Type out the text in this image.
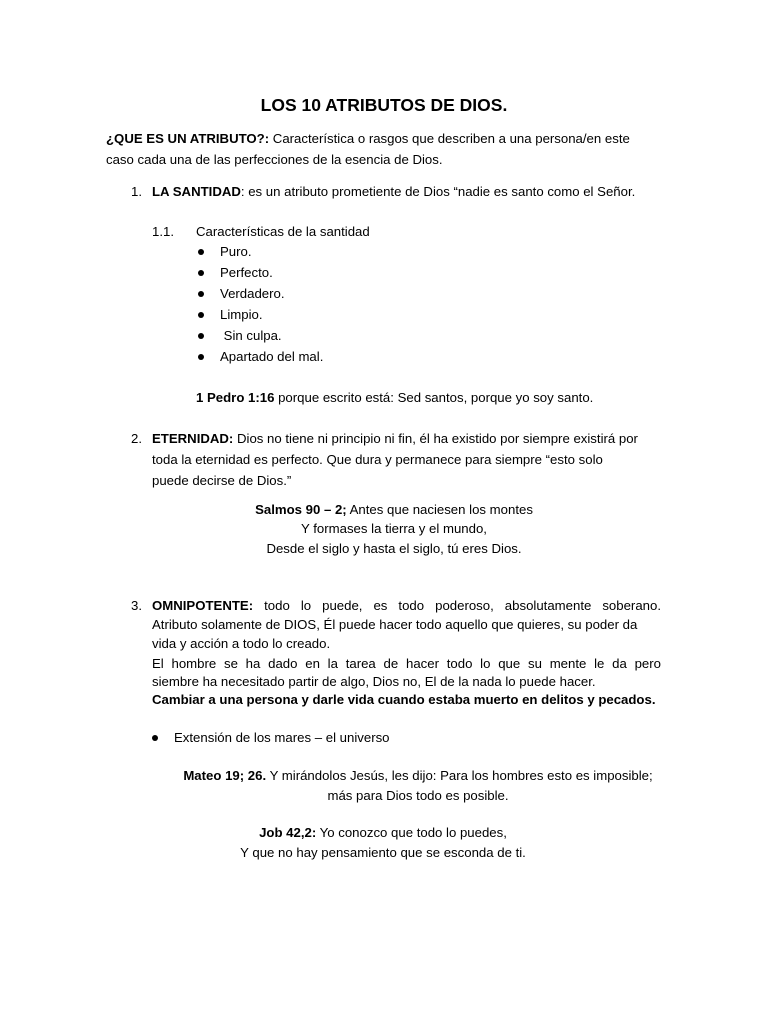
LOS 10 ATRIBUTOS DE DIOS.
¿QUE ES UN ATRIBUTO?: Característica o rasgos que describen a una persona/en este
caso cada una de las perfecciones de la esencia de Dios.
1. LA SANTIDAD: es un atributo prometiente de Dios “nadie es santo como el Señor.
1.1. Características de la santidad
Puro.
Perfecto.
Verdadero.
Limpio.
Sin culpa.
Apartado del mal.
1 Pedro 1:16 porque escrito está: Sed santos, porque yo soy santo.
2. ETERNIDAD: Dios no tiene ni principio ni fin, él ha existido por siempre existirá por
toda la eternidad es perfecto. Que dura y permanece para siempre “esto solo
puede decirse de Dios.”
Salmos 90 – 2; Antes que naciesen los montes
Y formases la tierra y el mundo,
Desde el siglo y hasta el siglo, tú eres Dios.
3. OMNIPOTENTE: todo lo puede, es todo poderoso, absolutamente soberano.
Atributo solamente de DIOS, Él puede hacer todo aquello que quieres, su poder da
vida y acción a todo lo creado.
El hombre se ha dado en la tarea de hacer todo lo que su mente le da pero
siembre ha necesitado partir de algo, Dios no, El de la nada lo puede hacer.
Cambiar a una persona y darle vida cuando estaba muerto en delitos y pecados.
Extensión de los mares – el universo
Mateo 19; 26. Y mirándolos Jesús, les dijo: Para los hombres esto es imposible;
más para Dios todo es posible.
Job 42,2: Yo conozco que todo lo puedes,
Y que no hay pensamiento que se esconda de ti.
